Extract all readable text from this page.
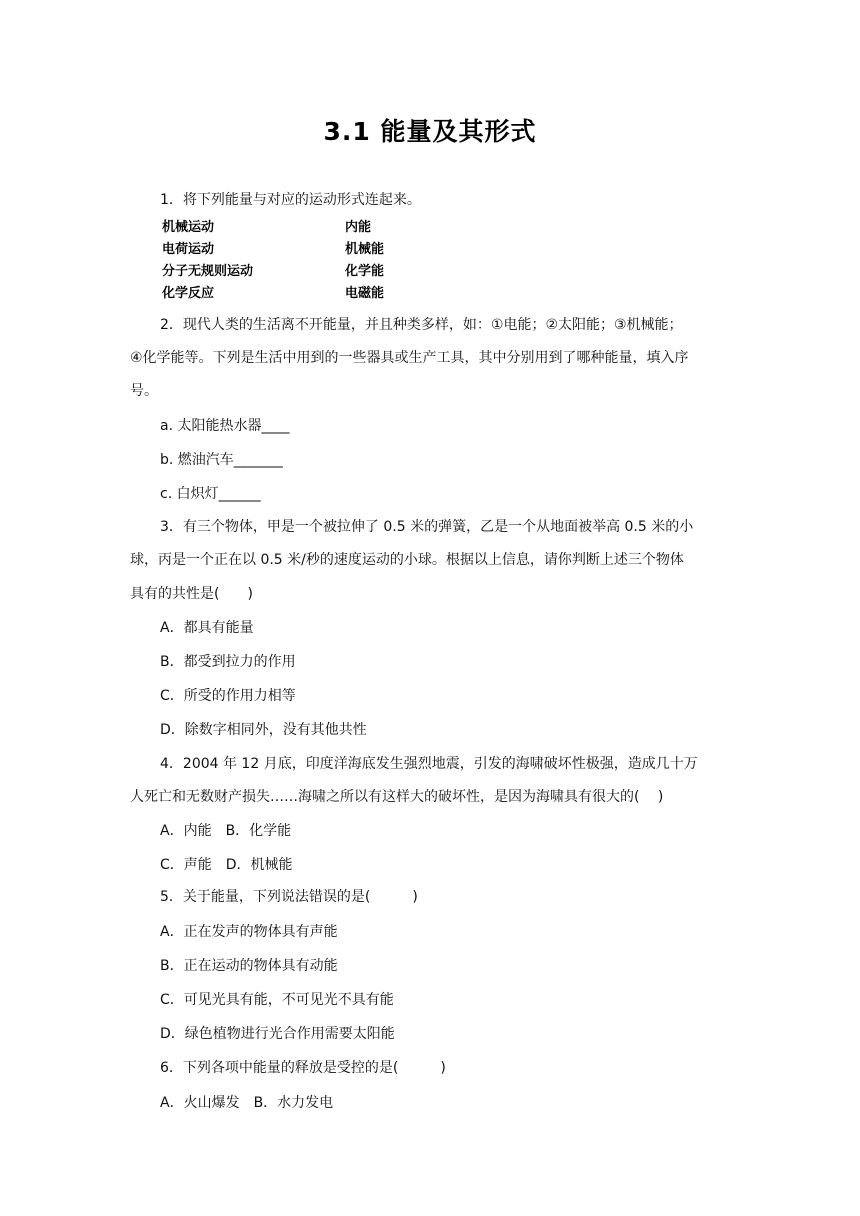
3.1 能量及其形式
1．将下列能量与对应的运动形式连起来。
机械运动	内能
电荷运动	机械能
分子无规则运动	化学能
化学反应	电磁能
2．现代人类的生活离不开能量，并且种类多样，如：①电能；②太阳能；③机械能；
④化学能等。下列是生活中用到的一些器具或生产工具，其中分别用到了哪种能量，填入序
号。
a. 太阳能热水器____
b. 燃油汽车_______
c. 白炽灯______
3．有三个物体，甲是一个被拉伸了 0.5 米的弹簧，乙是一个从地面被举高 0.5 米的小
球，丙是一个正在以 0.5 米/秒的速度运动的小球。根据以上信息，请你判断上述三个物体
具有的共性是(　　)
A．都具有能量
B．都受到拉力的作用
C．所受的作用力相等
D．除数字相同外，没有其他共性
4．2004 年 12 月底，印度洋海底发生强烈地震，引发的海啸破坏性极强，造成几十万
人死亡和无数财产损失……海啸之所以有这样大的破坏性，是因为海啸具有很大的(　 )
A．内能　B．化学能
C．声能　D．机械能
5．关于能量，下列说法错误的是(　　　)
A．正在发声的物体具有声能
B．正在运动的物体具有动能
C．可见光具有能，不可见光不具有能
D．绿色植物进行光合作用需要太阳能
6．下列各项中能量的释放是受控的是(　　　)
A．火山爆发　B．水力发电
